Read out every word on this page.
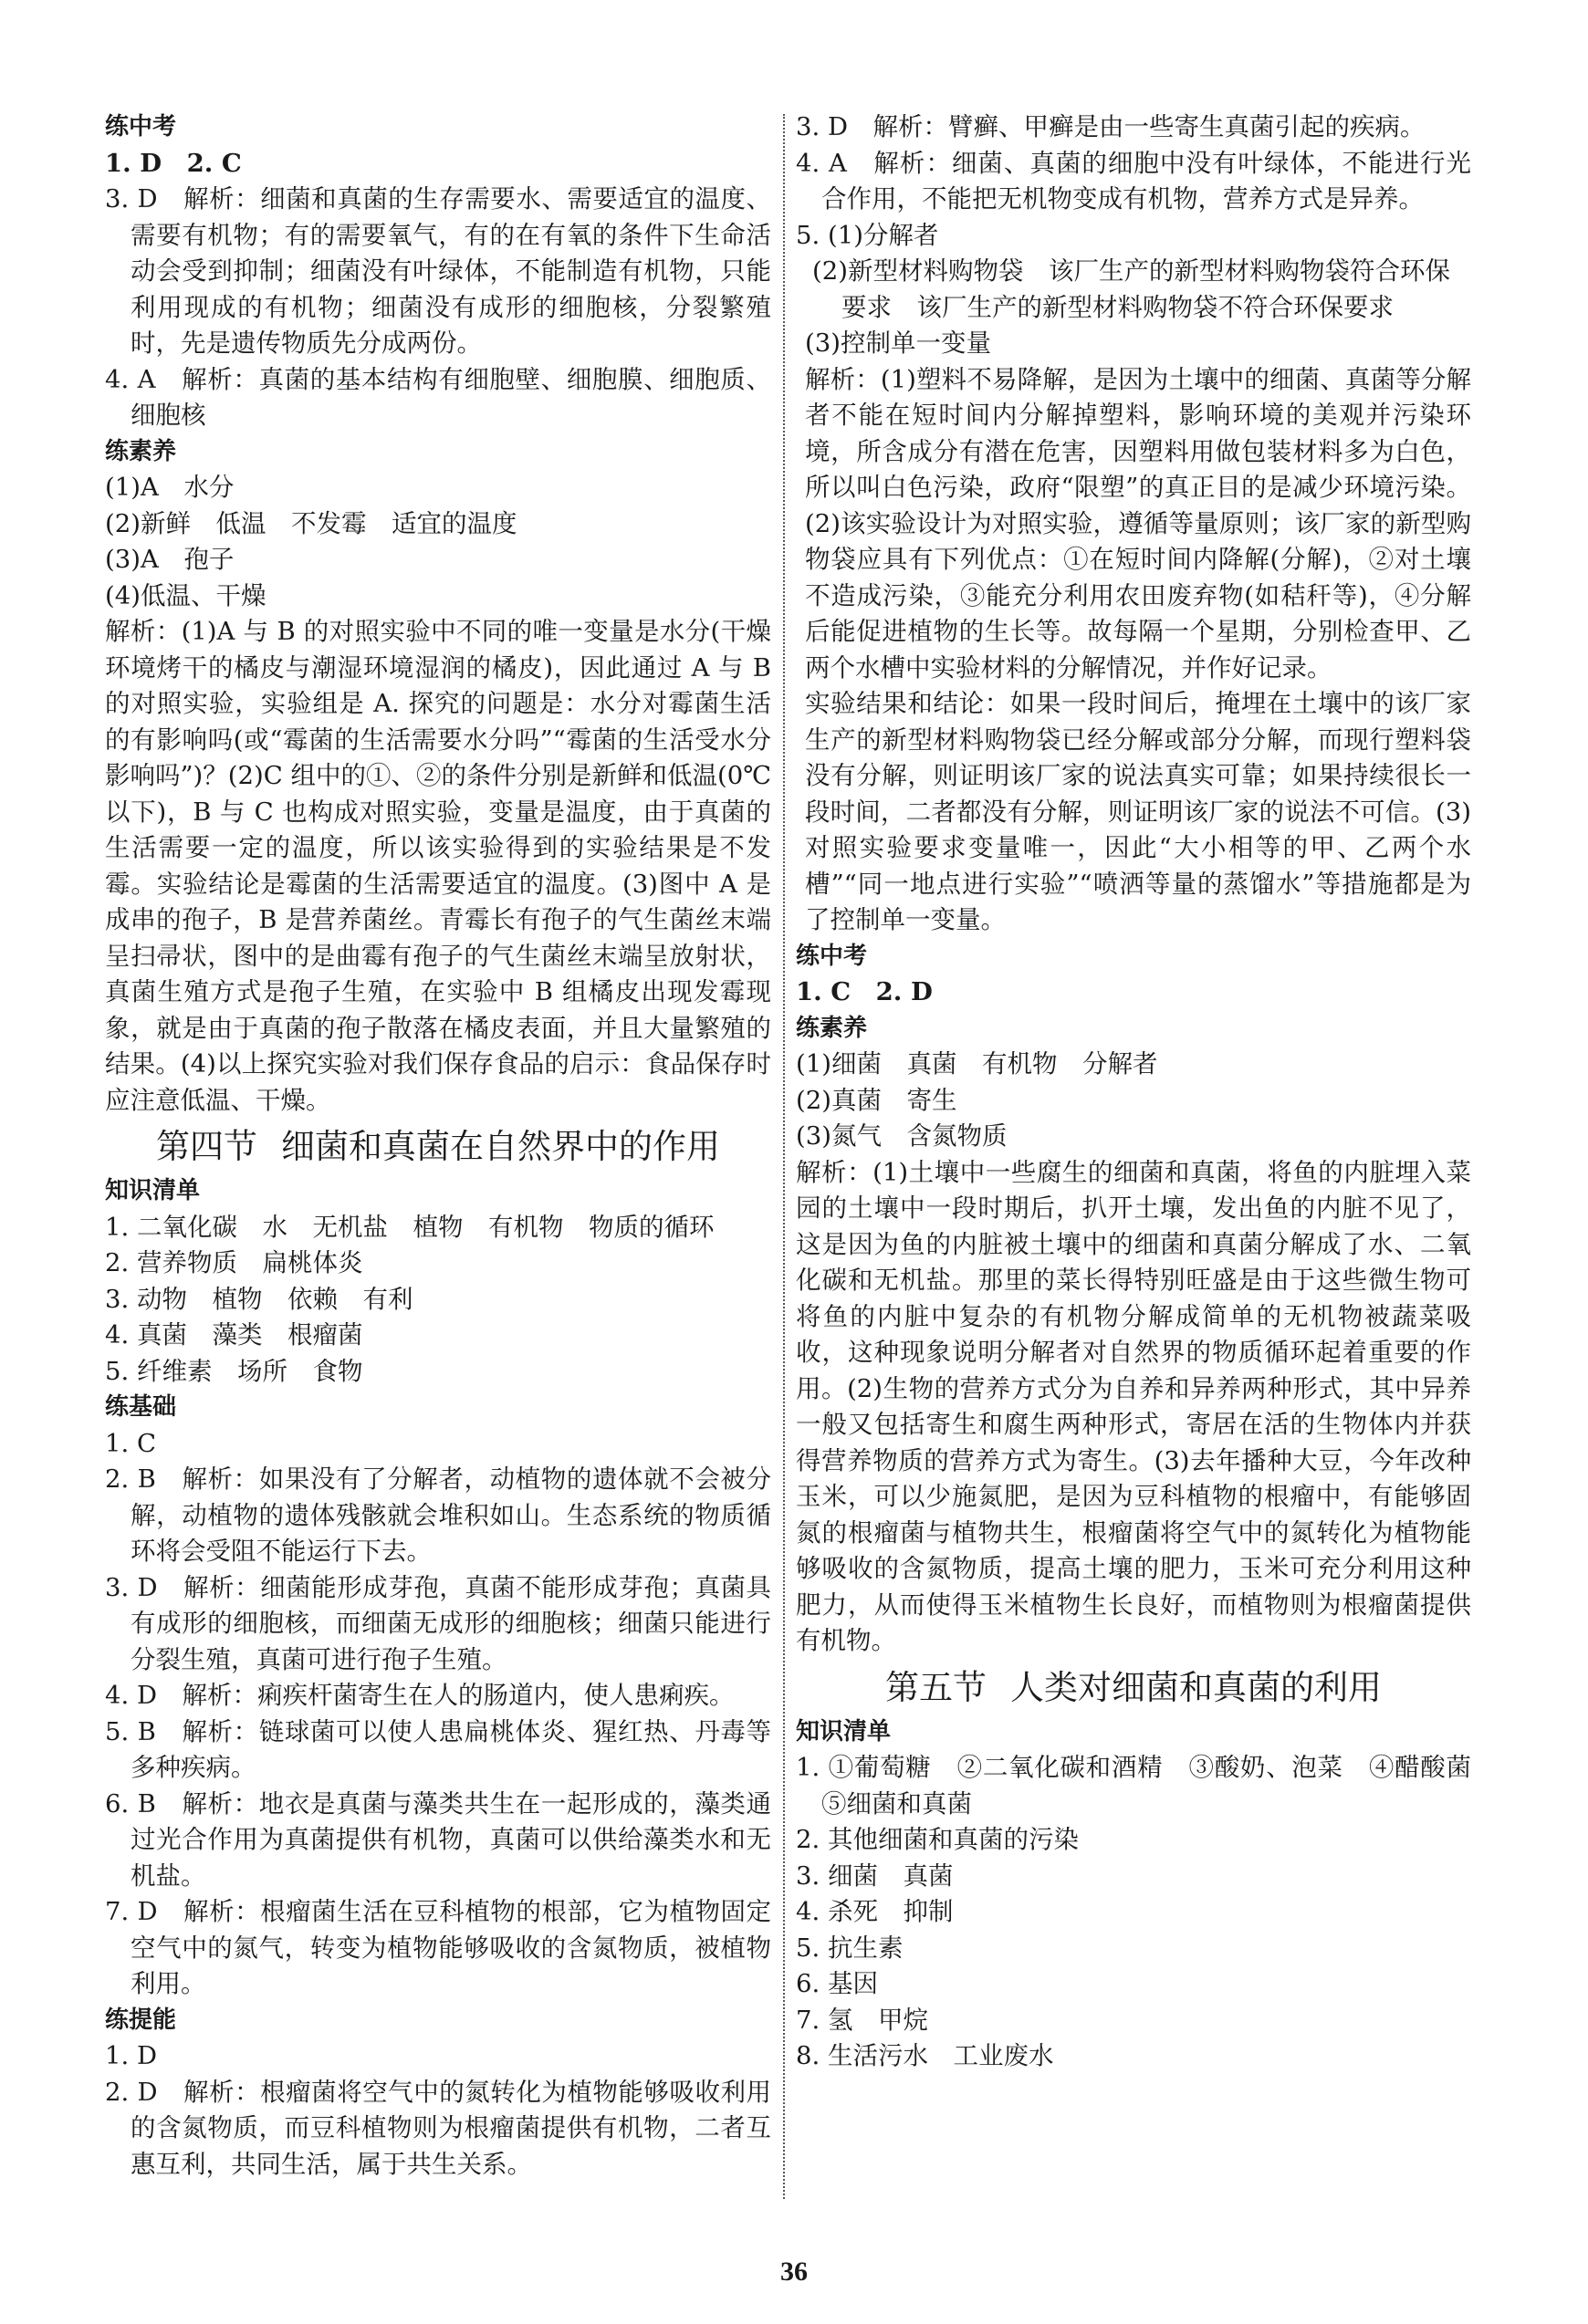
练中考
1. D　2. C
3. D　解析：细菌和真菌的生存需要水、需要适宜的温度、需要有机物；有的需要氧气，有的在有氧的条件下生命活动会受到抑制；细菌没有叶绿体，不能制造有机物，只能利用现成的有机物；细菌没有成形的细胞核，分裂繁殖时，先是遗传物质先分成两份。
4. A　解析：真菌的基本结构有细胞壁、细胞膜、细胞质、细胞核
练素养
(1)A　水分
(2)新鲜　低温　不发霉　适宜的温度
(3)A　孢子
(4)低温、干燥
解析：(1)A 与 B 的对照实验中不同的唯一变量是水分(干燥环境烤干的橘皮与潮湿环境湿润的橘皮)，因此通过 A 与 B 的对照实验，实验组是 A. 探究的问题是：水分对霉菌生活的有影响吗(或“霉菌的生活需要水分吗”“霉菌的生活受水分影响吗”)？(2)C 组中的①、②的条件分别是新鲜和低温(0℃以下)，B 与 C 也构成对照实验，变量是温度，由于真菌的生活需要一定的温度，所以该实验得到的实验结果是不发霉。实验结论是霉菌的生活需要适宜的温度。(3)图中 A 是成串的孢子，B 是营养菌丝。青霉长有孢子的气生菌丝末端呈扫帚状，图中的是曲霉有孢子的气生菌丝末端呈放射状，真菌生殖方式是孢子生殖，在实验中 B 组橘皮出现发霉现象，就是由于真菌的孢子散落在橘皮表面，并且大量繁殖的结果。(4)以上探究实验对我们保存食品的启示：食品保存时应注意低温、干燥。
第四节 细菌和真菌在自然界中的作用
知识清单
1. 二氧化碳　水　无机盐　植物　有机物　物质的循环
2. 营养物质　扁桃体炎
3. 动物　植物　依赖　有利
4. 真菌　藻类　根瘤菌
5. 纤维素　场所　食物
练基础
1. C
2. B　解析：如果没有了分解者，动植物的遗体就不会被分解，动植物的遗体残骸就会堆积如山。生态系统的物质循环将会受阻不能运行下去。
3. D　解析：细菌能形成芽孢，真菌不能形成芽孢；真菌具有成形的细胞核，而细菌无成形的细胞核；细菌只能进行分裂生殖，真菌可进行孢子生殖。
4. D　解析：痢疾杆菌寄生在人的肠道内，使人患痢疾。
5. B　解析：链球菌可以使人患扁桃体炎、猩红热、丹毒等多种疾病。
6. B　解析：地衣是真菌与藻类共生在一起形成的，藻类通过光合作用为真菌提供有机物，真菌可以供给藻类水和无机盐。
7. D　解析：根瘤菌生活在豆科植物的根部，它为植物固定空气中的氮气，转变为植物能够吸收的含氮物质，被植物利用。
练提能
1. D
2. D　解析：根瘤菌将空气中的氮转化为植物能够吸收利用的含氮物质，而豆科植物则为根瘤菌提供有机物，二者互惠互利，共同生活，属于共生关系。
3. D　解析：臂癣、甲癣是由一些寄生真菌引起的疾病。
4. A　解析：细菌、真菌的细胞中没有叶绿体，不能进行光合作用，不能把无机物变成有机物，营养方式是异养。
5. (1)分解者
(2)新型材料购物袋　该厂生产的新型材料购物袋符合环保要求　该厂生产的新型材料购物袋不符合环保要求
(3)控制单一变量
解析：(1)塑料不易降解，是因为土壤中的细菌、真菌等分解者不能在短时间内分解掉塑料，影响环境的美观并污染环境，所含成分有潜在危害，因塑料用做包装材料多为白色，所以叫白色污染，政府“限塑”的真正目的是减少环境污染。(2)该实验设计为对照实验，遵循等量原则；该厂家的新型购物袋应具有下列优点：①在短时间内降解(分解)，②对土壤不造成污染，③能充分利用农田废弃物(如秸秆等)，④分解后能促进植物的生长等。故每隔一个星期，分别检查甲、乙两个水槽中实验材料的分解情况，并作好记录。
实验结果和结论：如果一段时间后，掩埋在土壤中的该厂家生产的新型材料购物袋已经分解或部分分解，而现行塑料袋没有分解，则证明该厂家的说法真实可靠；如果持续很长一段时间，二者都没有分解，则证明该厂家的说法不可信。(3)对照实验要求变量唯一，因此“大小相等的甲、乙两个水槽”“同一地点进行实验”“喷洒等量的蒸馏水”等措施都是为了控制单一变量。
练中考
1. C　2. D
练素养
(1)细菌　真菌　有机物　分解者
(2)真菌　寄生
(3)氮气　含氮物质
解析：(1)土壤中一些腐生的细菌和真菌，将鱼的内脏埋入菜园的土壤中一段时期后，扒开土壤，发出鱼的内脏不见了，这是因为鱼的内脏被土壤中的细菌和真菌分解成了水、二氧化碳和无机盐。那里的菜长得特别旺盛是由于这些微生物可将鱼的内脏中复杂的有机物分解成简单的无机物被蔬菜吸收，这种现象说明分解者对自然界的物质循环起着重要的作用。(2)生物的营养方式分为自养和异养两种形式，其中异养一般又包括寄生和腐生两种形式，寄居在活的生物体内并获得营养物质的营养方式为寄生。(3)去年播种大豆，今年改种玉米，可以少施氮肥，是因为豆科植物的根瘤中，有能够固氮的根瘤菌与植物共生，根瘤菌将空气中的氮转化为植物能够吸收的含氮物质，提高土壤的肥力，玉米可充分利用这种肥力，从而使得玉米植物生长良好，而植物则为根瘤菌提供有机物。
第五节 人类对细菌和真菌的利用
知识清单
1. ①葡萄糖　②二氧化碳和酒精　③酸奶、泡菜　④醋酸菌　⑤细菌和真菌
2. 其他细菌和真菌的污染
3. 细菌　真菌
4. 杀死　抑制
5. 抗生素
6. 基因
7. 氢　甲烷
8. 生活污水　工业废水
36
